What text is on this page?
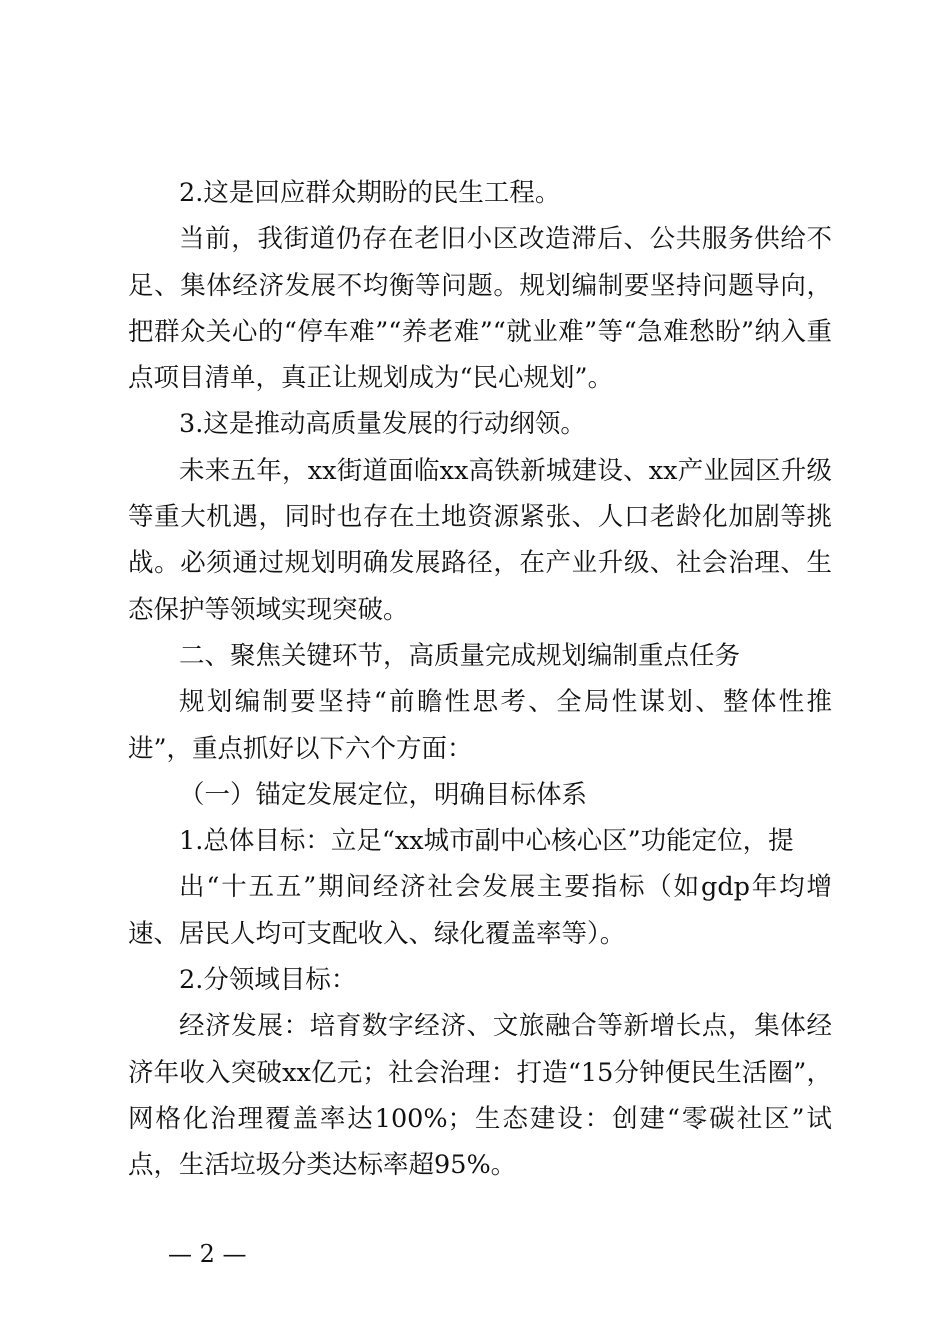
2.这是回应群众期盼的民生工程。

当前，我街道仍存在老旧小区改造滞后、公共服务供给不足、集体经济发展不均衡等问题。规划编制要坚持问题导向，把群众关心的“停车难”“养老难”“就业难”等“急难愁盼”纳入重点项目清单，真正让规划成为“民心规划”。

3.这是推动高质量发展的行动纲领。

未来五年，xx街道面临xx高铁新城建设、xx产业园区升级等重大机遇，同时也存在土地资源紧张、人口老龄化加剧等挑战。必须通过规划明确发展路径，在产业升级、社会治理、生态保护等领域实现突破。

二、聚焦关键环节，高质量完成规划编制重点任务

规划编制要坚持“前瞻性思考、全局性谋划、整体性推进”，重点抓好以下六个方面：

（一）锚定发展定位，明确目标体系

1.总体目标：立足“xx城市副中心核心区”功能定位，提

出“十五五”期间经济社会发展主要指标（如gdp年均增速、居民人均可支配收入、绿化覆盖率等）。

2.分领域目标：

经济发展：培育数字经济、文旅融合等新增长点，集体经济年收入突破xx亿元；社会治理：打造“15分钟便民生活圈”，网格化治理覆盖率达100%；生态建设：创建“零碳社区”试点，生活垃圾分类达标率超95%。

— 2 —
